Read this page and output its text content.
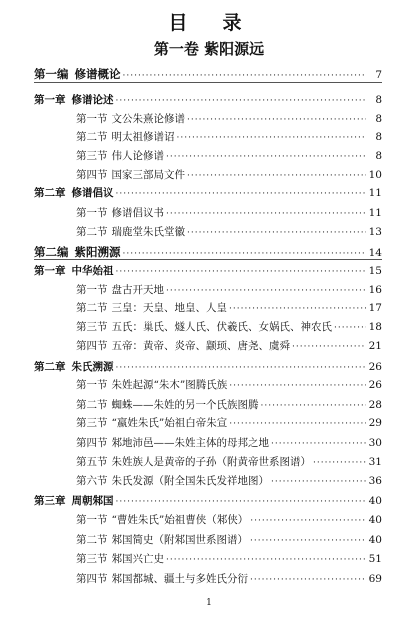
目　录
第一卷 紫阳源远
第一编 修谱概论 ·····	7
第一章 修谱论述 ·····	8
第一节 文公朱熹论修谱 ·····	8
第二节 明太祖修谱诏 ·····	8
第三节 伟人论修谱 ·····	8
第四节 国家三部局文件 ·····	10
第二章 修谱倡议 ·····	11
第一节 修谱倡议书 ·····	11
第二节 瑞鹿堂朱氏堂徽 ·····	13
第二编 紫阳溯源 ·····	14
第一章 中华始祖 ·····	15
第一节 盘古开天地 ·····	16
第二节 三皇：天皇、地皇、人皇 ·····	17
第三节 五氏：巢氏、燧人氏、伏羲氏、女娲氏、神农氏 ·····	18
第四节 五帝：黄帝、炎帝、颛顼、唐尧、虞舜 ·····	21
第二章 朱氏溯源 ·····	26
第一节 朱姓起源“朱木”图腾氏族 ·····	26
第二节 蜘蛛——朱姓的另一个氏族图腾 ·····	28
第三节 “嬴姓朱氏”始祖白帝朱宣 ·····	29
第四节 邾地沛邑——朱姓主体的母邦之地 ·····	30
第五节 朱姓族人是黄帝的子孙（附黄帝世系图谱） ·····	31
第六节 朱氏发源（附全国朱氏发祥地图） ·····	36
第三章 周朝邾国 ·····	40
第一节 “曹姓朱氏”始祖曹侠（邾侠） ·····	40
第二节 邾国简史（附邾国世系图谱） ·····	40
第三节 邾国兴亡史 ·····	51
第四节 邾国都城、疆土与多姓氏分衍 ·····	69
1
